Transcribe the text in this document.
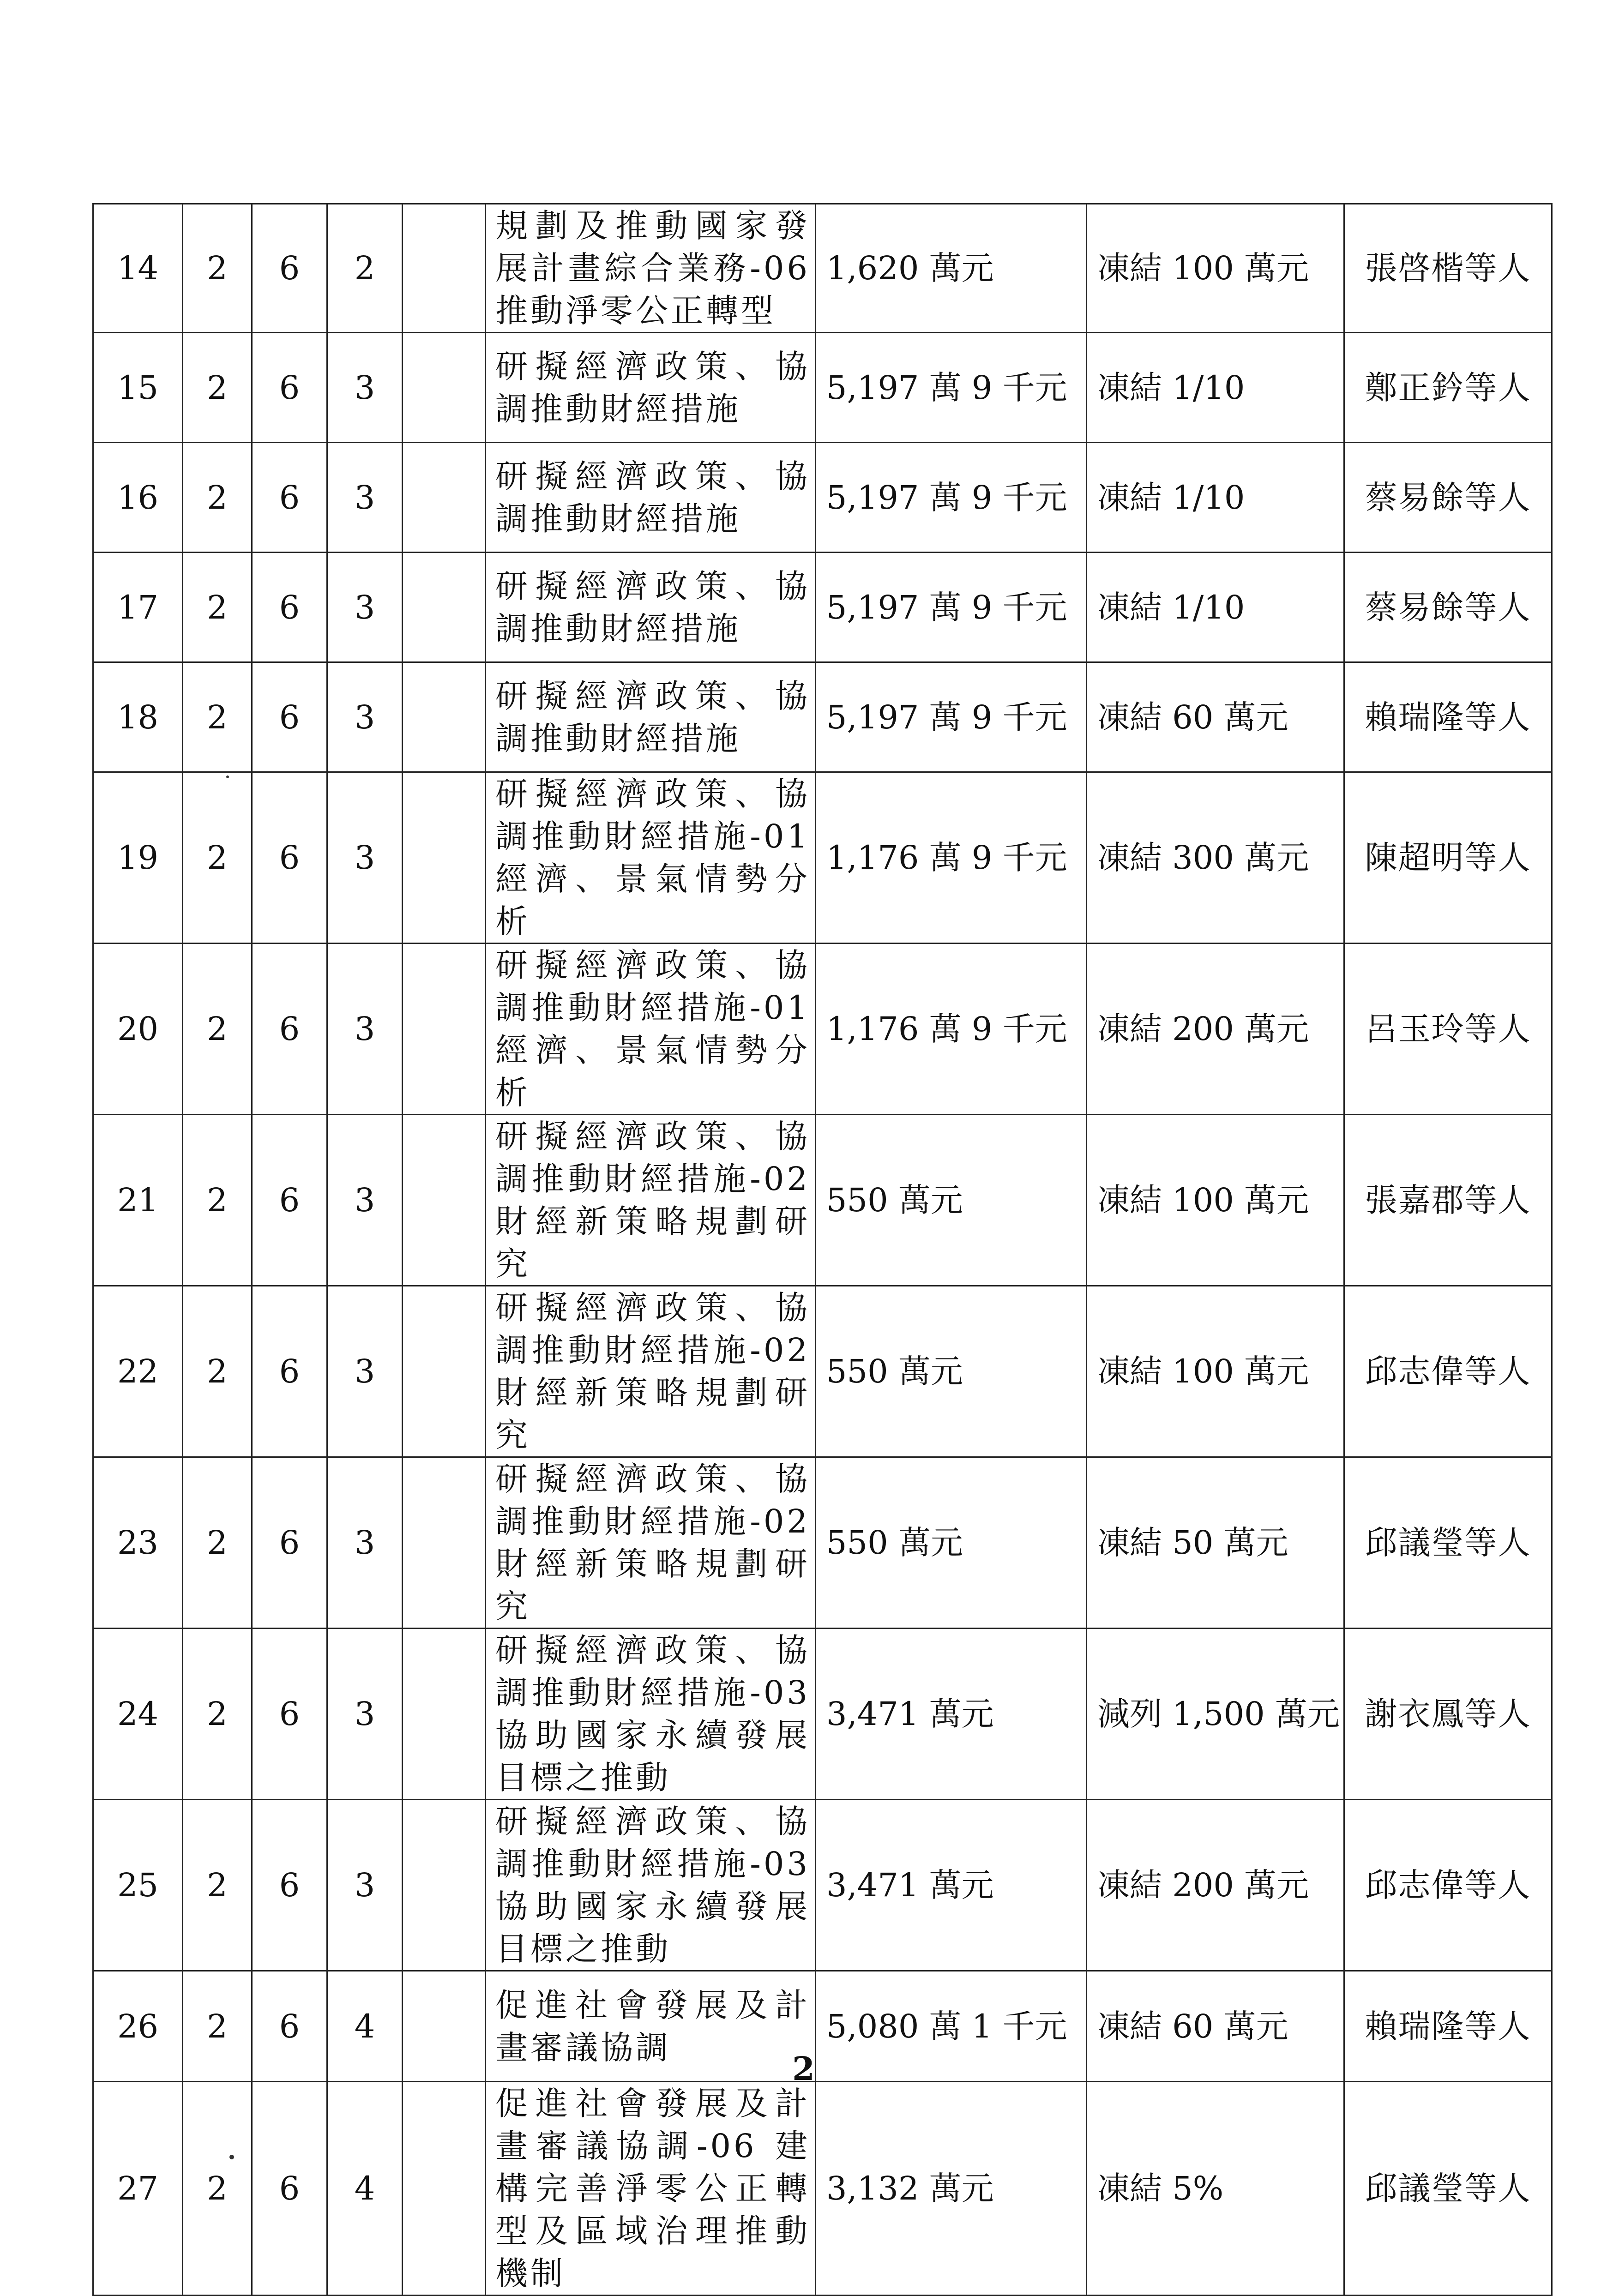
14	2	6	2		規劃及推動國家發展計畫綜合業務-06推動淨零公正轉型	1,620 萬元	凍結 100 萬元	張啓楷等人
15	2	6	3		研擬經濟政策、協調推動財經措施	5,197 萬 9 千元	凍結 1/10	鄭正鈐等人
16	2	6	3		研擬經濟政策、協調推動財經措施	5,197 萬 9 千元	凍結 1/10	蔡易餘等人
17	2	6	3		研擬經濟政策、協調推動財經措施	5,197 萬 9 千元	凍結 1/10	蔡易餘等人
18	2	6	3		研擬經濟政策、協調推動財經措施	5,197 萬 9 千元	凍結 60 萬元	賴瑞隆等人
19	2	6	3		研擬經濟政策、協調推動財經措施-01 經濟、景氣情勢分析	1,176 萬 9 千元	凍結 300 萬元	陳超明等人
20	2	6	3		研擬經濟政策、協調推動財經措施-01 經濟、景氣情勢分析	1,176 萬 9 千元	凍結 200 萬元	呂玉玲等人
21	2	6	3		研擬經濟政策、協調推動財經措施-02 財經新策略規劃研究	550 萬元	凍結 100 萬元	張嘉郡等人
22	2	6	3		研擬經濟政策、協調推動財經措施-02 財經新策略規劃研究	550 萬元	凍結 100 萬元	邱志偉等人
23	2	6	3		研擬經濟政策、協調推動財經措施-02 財經新策略規劃研究	550 萬元	凍結 50 萬元	邱議瑩等人
24	2	6	3		研擬經濟政策、協調推動財經措施-03 協助國家永續發展目標之推動	3,471 萬元	減列 1,500 萬元	謝衣鳳等人
25	2	6	3		研擬經濟政策、協調推動財經措施-03 協助國家永續發展目標之推動	3,471 萬元	凍結 200 萬元	邱志偉等人
26	2	6	4		促進社會發展及計畫審議協調	5,080 萬 1 千元	凍結 60 萬元	賴瑞隆等人
27	2	6	4		促進社會發展及計畫審議協調-06 建構完善淨零公正轉型及區域治理推動機制	3,132 萬元	凍結 5%	邱議瑩等人
2
